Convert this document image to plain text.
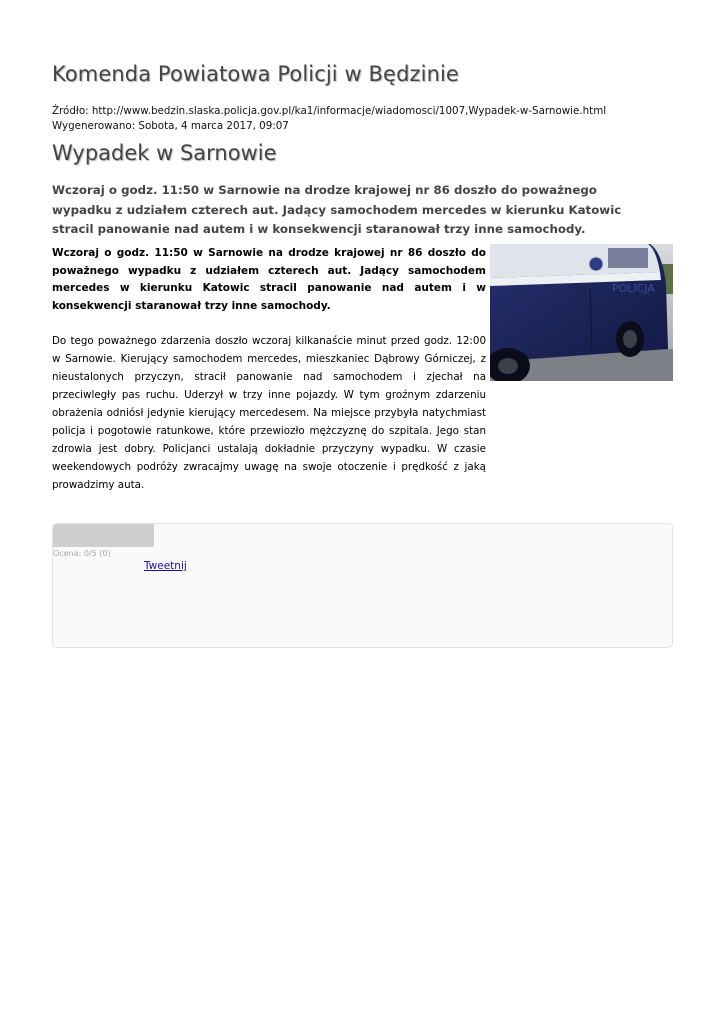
Komenda Powiatowa Policji w Będzinie
Źródło: http://www.bedzin.slaska.policja.gov.pl/ka1/informacje/wiadomosci/1007,Wypadek-w-Sarnowie.html
Wygenerowano: Sobota, 4 marca 2017, 09:07
Wypadek w Sarnowie

Wczoraj o godz. 11:50 w Sarnowie na drodze krajowej nr 86 doszło do poważnego wypadku z udziałem czterech aut. Jadący samochodem mercedes w kierunku Katowic stracil panowanie nad autem i w konsekwencji staranował trzy inne samochody.

POLICJA

Wczoraj o godz. 11:50 w Sarnowie na drodze krajowej nr 86 doszło do poważnego wypadku z udziałem czterech aut. Jadący samochodem mercedes w kierunku Katowic stracil panowanie nad autem i w konsekwencji staranował trzy inne samochody.

Do tego poważnego zdarzenia doszło wczoraj kilkanaście minut przed godz. 12:00 w Sarnowie. Kierujący samochodem mercedes, mieszkaniec Dąbrowy Górniczej, z nieustalonych przyczyn, stracił panowanie nad samochodem i zjechał na przeciwległy pas ruchu. Uderzył w trzy inne pojazdy. W tym groźnym zdarzeniu obrażenia odniósł jedynie kierujący mercedesem. Na miejsce przybyła natychmiast policja i pogotowie ratunkowe, które przewiozło mężczyznę do szpitala. Jego stan zdrowia jest dobry. Policjanci ustalają dokładnie przyczyny wypadku. W czasie weekendowych podróży zwracajmy uwagę na swoje otoczenie i prędkość z jaką prowadzimy auta.

Ocena: 0/5 (0)
Tweetnij
